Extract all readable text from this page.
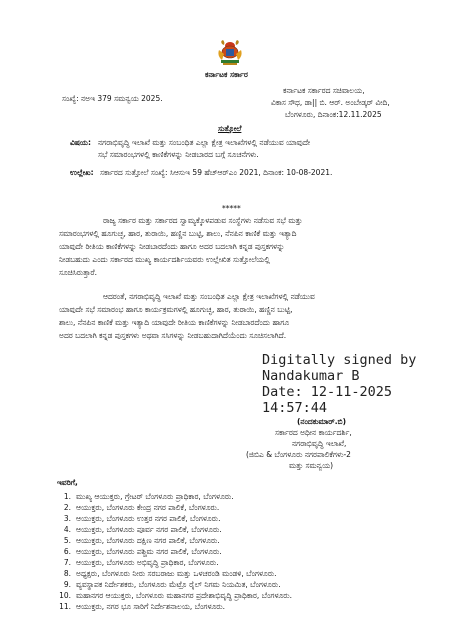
ಕರ್ನಾಟಕ ಸರ್ಕಾರ
ಸಂಖ್ಯೆ: ನಅಇ 379 ಸಮನ್ವಯ 2025.
ಕರ್ನಾಟಕ ಸರ್ಕಾರದ ಸಚಿವಾಲಯ,
ವಿಕಾಸ ಸೌಧ, ಡಾ|| ಬಿ. ಆರ್. ಅಂಬೇಡ್ಕರ್ ವೀದಿ,
ಬೆಂಗಳೂರು, ದಿನಾಂಕ:12.11.2025
ಸುತ್ತೋಲೆ
ವಿಷಯ: ನಗರಾಭಿವೃದ್ಧಿ ಇಲಾಖೆ ಮತ್ತು ಸಂಬಂಧಿತ ಎಲ್ಲಾ ಕ್ಷೇತ್ರ ಇಲಾಖೆಗಳಲ್ಲಿ ನಡೆಯುವ ಯಾವುದೇ
ಸಭೆ ಸಮಾರಂಭಗಳಲ್ಲಿ ಕಾಣಿಕೆಗಳನ್ನು ನೀಡಬಾರದ ಬಗ್ಗೆ ಸೂಚನೆಗಳು.
ಉಲ್ಲೇಖ: ಸರ್ಕಾರದ ಸುತ್ತೋಲೆ ಸಂಖ್ಯೆ: ಸಿಆಸುಇ 59 ಹೆಚ್ಆರ್‌ಎಂ 2021, ದಿನಾಂಕ: 10-08-2021.
*****
ರಾಜ್ಯ ಸರ್ಕಾರ ಮತ್ತು ಸರ್ಕಾರದ ಸ್ವಾಮ್ಯಕ್ಕೊಳಪಡುವ ಸಂಸ್ಥೆಗಳು ನಡೆಸುವ ಸಭೆ ಮತ್ತು
ಸಮಾರಂಭಗಳಲ್ಲಿ ಹೂಗುಚ್ಛ, ಹಾರ, ತುರಾಯಿ, ಹಣ್ಣಿನ ಬುಟ್ಟಿ, ಶಾಲು, ನೆನಪಿನ ಕಾಣಿಕೆ ಮತ್ತು ಇತ್ಯಾದಿ
ಯಾವುದೇ ರೀತಿಯ ಕಾಣಿಕೆಗಳನ್ನು ನೀಡಬಾರದೆಂದು ಹಾಗೂ ಅದರ ಬದಲಾಗಿ ಕನ್ನಡ ಪುಸ್ತಕಗಳನ್ನು
ನೀಡಬಹುದು ಎಂದು ಸರ್ಕಾರದ ಮುಖ್ಯ ಕಾರ್ಯದರ್ಶಿಯವರು ಉಲ್ಲೇಖಿತ ಸುತ್ತೋಲೆಯಲ್ಲಿ
ಸೂಚಿಸಿರುತ್ತಾರೆ.
ಆದರಂತೆ, ನಗರಾಭಿವೃದ್ಧಿ ಇಲಾಖೆ ಮತ್ತು ಸಂಬಂಧಿತ ಎಲ್ಲಾ ಕ್ಷೇತ್ರ ಇಲಾಖೆಗಳಲ್ಲಿ ನಡೆಯುವ
ಯಾವುದೇ ಸಭೆ ಸಮಾರಂಭ ಹಾಗೂ ಕಾರ್ಯಕ್ರಮಗಳಲ್ಲಿ ಹೂಗುಚ್ಛ, ಹಾರ, ತುರಾಯಿ, ಹಣ್ಣಿನ ಬುಟ್ಟಿ,
ಶಾಲು, ನೆನಪಿನ ಕಾಣಿಕೆ ಮತ್ತು ಇತ್ಯಾದಿ ಯಾವುದೇ ರೀತಿಯ ಕಾಣಿಕೆಗಳನ್ನು ನೀಡಬಾರದೆಂದು ಹಾಗೂ
ಅದರ ಬದಲಾಗಿ ಕನ್ನಡ ಪುಸ್ತಕಗಳು ಅಥವಾ ಸಸಿಗಳನ್ನು ನೀಡಬಹುದಾಗಿದೆಯೆಂದು ಸೂಚಿಸಲಾಗಿದೆ.
Digitally signed by
Nandakumar B
Date: 12-11-2025
14:57:44
(ನಂದಕುಮಾರ್.ಬಿ)
ಸರ್ಕಾರದ ಅಧೀನ ಕಾರ್ಯದರ್ಶಿ,
ನಗರಾಭಿವೃದ್ಧಿ ಇಲಾಖೆ,
(ಜಿಬಿಎ & ಬೆಂಗಳೂರು ನಗರಪಾಲಿಕೆಗಳು-2
ಮತ್ತು ಸಮನ್ವಯ)
ಇವರಿಗೆ,
1. ಮುಖ್ಯ ಆಯುಕ್ತರು, ಗ್ರೇಟರ್ ಬೆಂಗಳೂರು ಪ್ರಾಧಿಕಾರ, ಬೆಂಗಳೂರು.
2. ಆಯುಕ್ತರು, ಬೆಂಗಳೂರು ಕೇಂದ್ರ ನಗರ ಪಾಲಿಕೆ, ಬೆಂಗಳೂರು.
3. ಆಯುಕ್ತರು, ಬೆಂಗಳೂರು ಉತ್ತರ ನಗರ ಪಾಲಿಕೆ, ಬೆಂಗಳೂರು.
4. ಆಯುಕ್ತರು, ಬೆಂಗಳೂರು ಪೂರ್ವ ನಗರ ಪಾಲಿಕೆ, ಬೆಂಗಳೂರು.
5. ಆಯುಕ್ತರು, ಬೆಂಗಳೂರು ದಕ್ಷಿಣ ನಗರ ಪಾಲಿಕೆ, ಬೆಂಗಳೂರು.
6. ಆಯುಕ್ತರು, ಬೆಂಗಳೂರು ಪಶ್ಚಿಮ ನಗರ ಪಾಲಿಕೆ, ಬೆಂಗಳೂರು.
7. ಆಯುಕ್ತರು, ಬೆಂಗಳೂರು ಅಭಿವೃದ್ಧಿ ಪ್ರಾಧಿಕಾರ, ಬೆಂಗಳೂರು.
8. ಅಧ್ಯಕ್ಷರು, ಬೆಂಗಳೂರು ನೀರು ಸರಬರಾಜು ಮತ್ತು ಒಳಚರಂಡಿ ಮಂಡಳಿ, ಬೆಂಗಳೂರು.
9. ವ್ಯವಸ್ಥಾಪಕ ನಿರ್ದೇಶಕರು, ಬೆಂಗಳೂರು ಮೆಟ್ರೊ ರೈಲ್ ನಿಗಮ ನಿಯಮಿತ, ಬೆಂಗಳೂರು.
10. ಮಹಾನಗರ ಆಯುಕ್ತರು, ಬೆಂಗಳೂರು ಮಹಾನಗರ ಪ್ರದೇಶಾಭಿವೃದ್ಧಿ ಪ್ರಾಧಿಕಾರ, ಬೆಂಗಳೂರು.
11. ಆಯುಕ್ತರು, ನಗರ ಭೂ ಸಾರಿಗೆ ನಿರ್ದೇಶನಾಲಯ, ಬೆಂಗಳೂರು.
